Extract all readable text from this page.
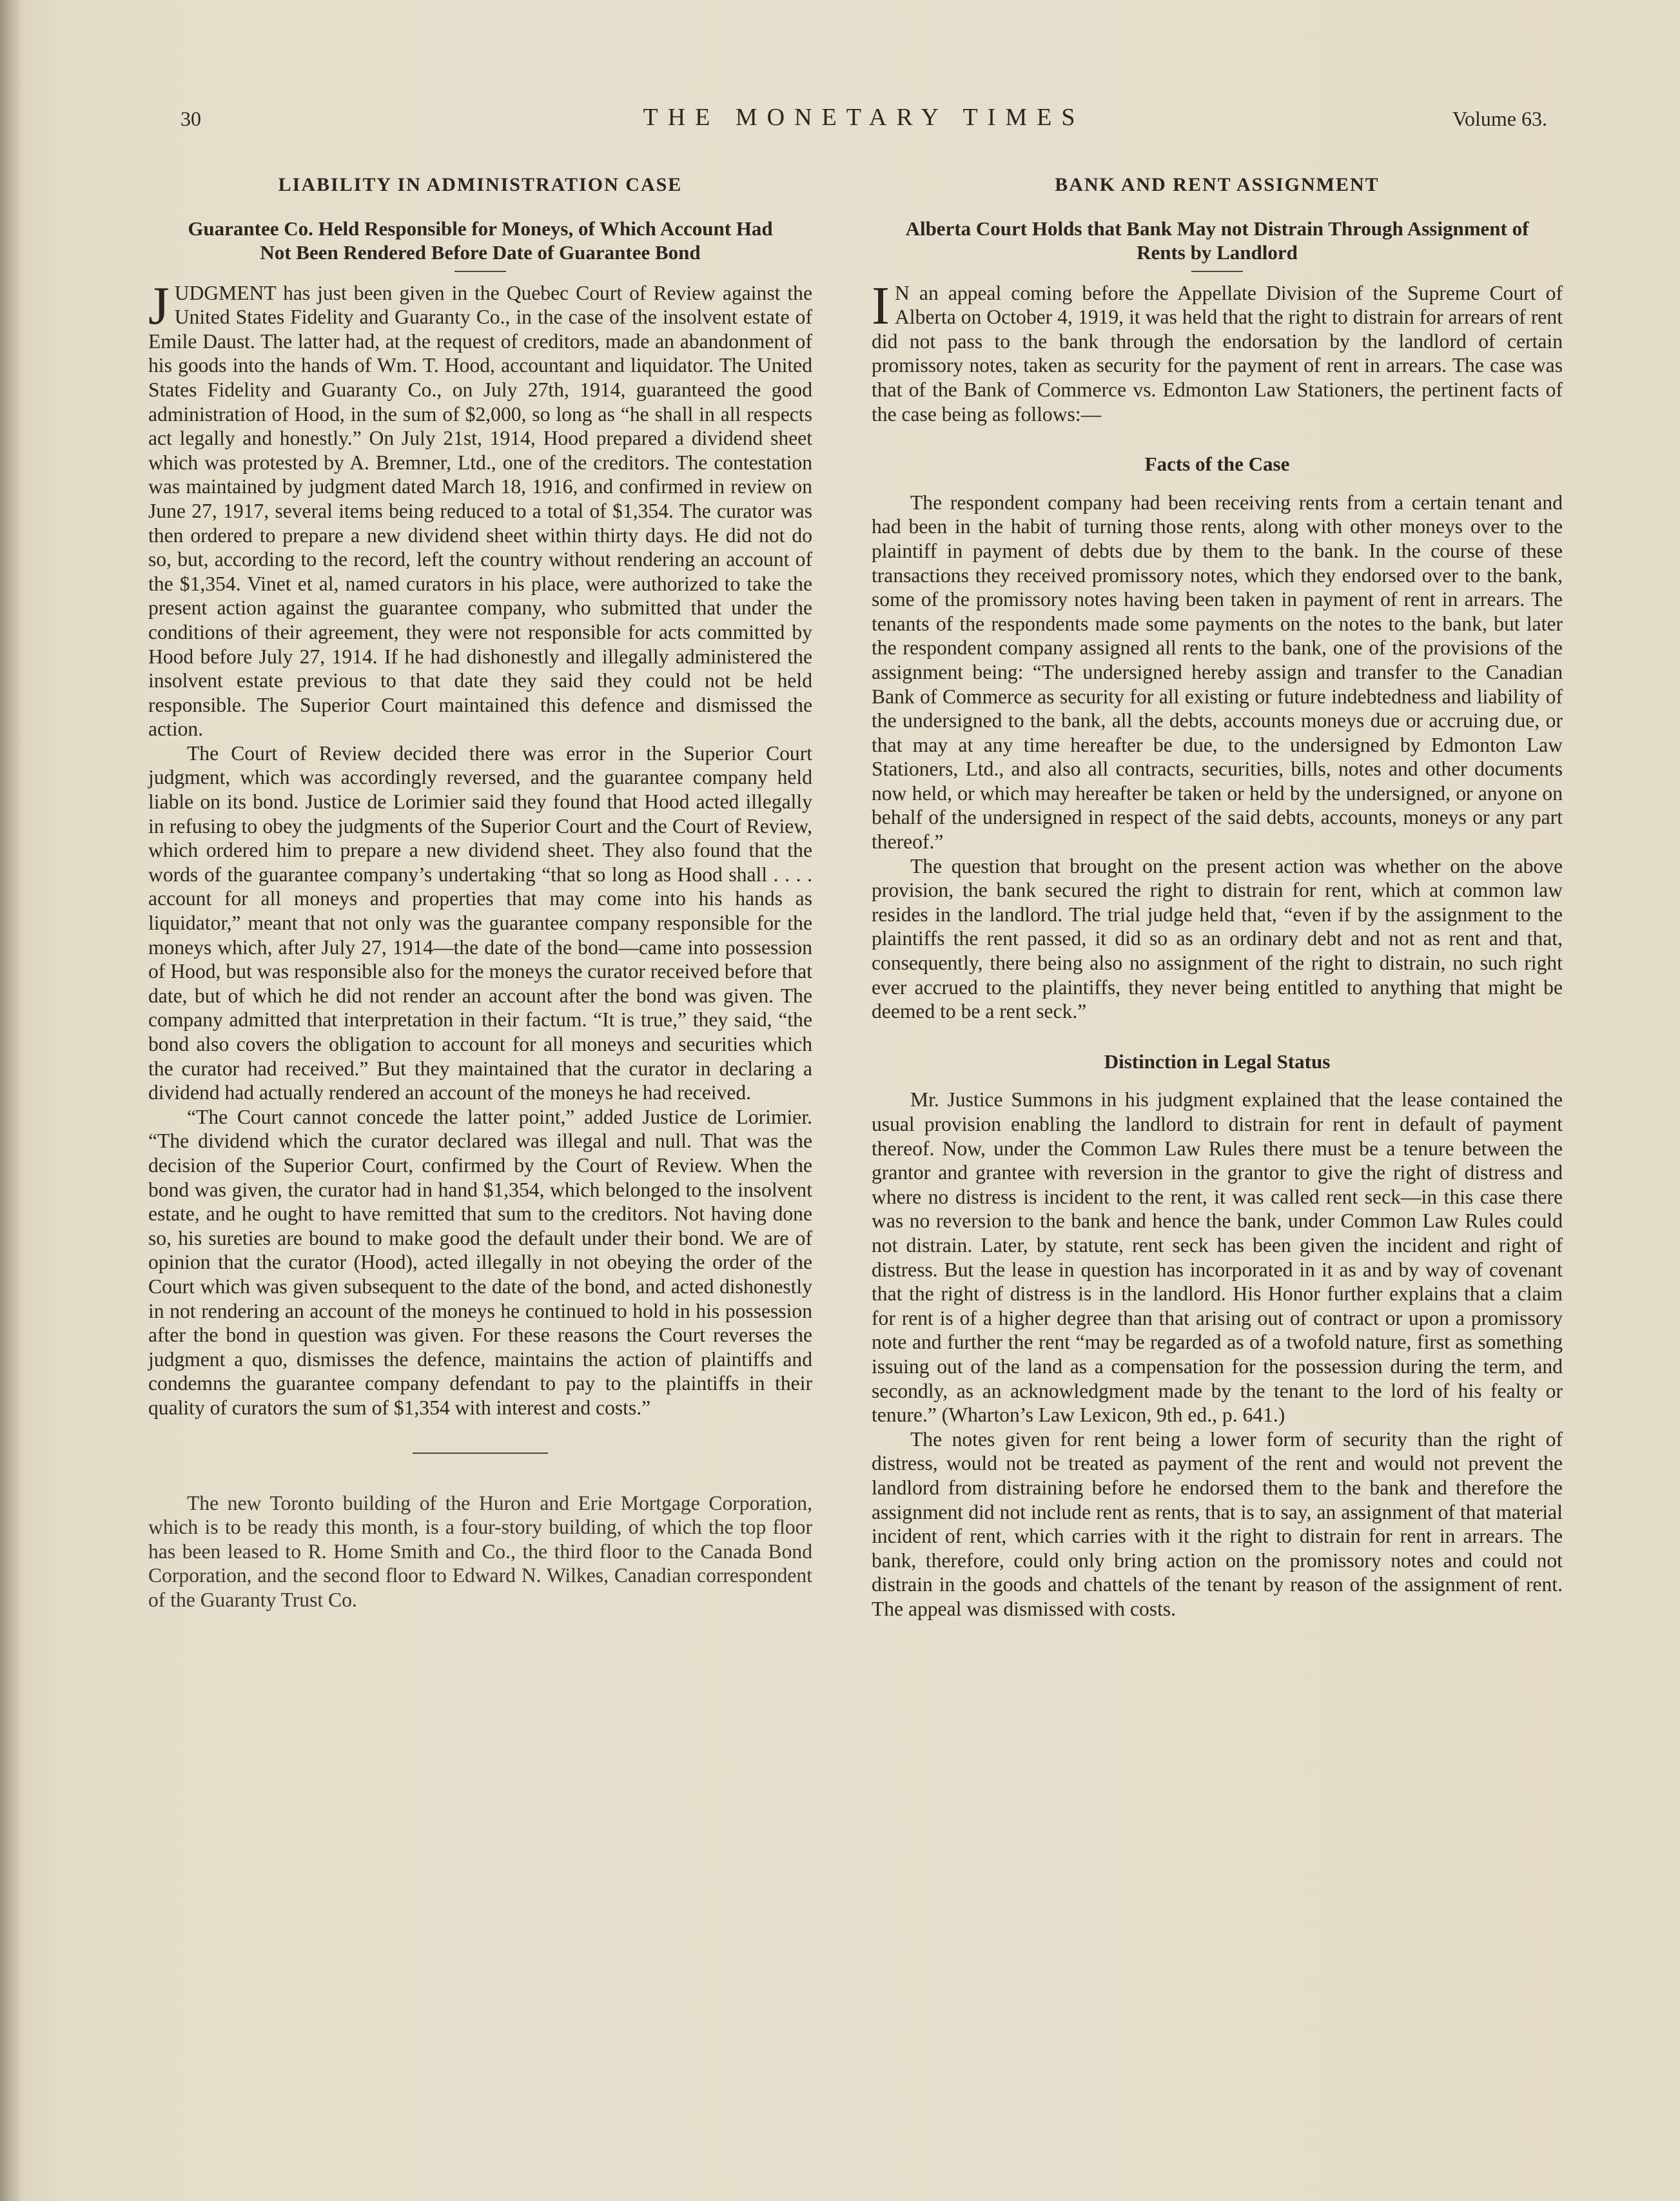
30	THE MONETARY TIMES	Volume 63.
LIABILITY IN ADMINISTRATION CASE
Guarantee Co. Held Responsible for Moneys, of Which Account Had Not Been Rendered Before Date of Guarantee Bond

JUDGMENT has just been given in the Quebec Court of Review against the United States Fidelity and Guaranty Co., in the case of the insolvent estate of Emile Daust. The latter had, at the request of creditors, made an abandonment of his goods into the hands of Wm. T. Hood, accountant and liquidator. The United States Fidelity and Guaranty Co., on July 27th, 1914, guaranteed the good administration of Hood, in the sum of $2,000, so long as “he shall in all respects act legally and honestly.” On July 21st, 1914, Hood prepared a dividend sheet which was protested by A. Bremner, Ltd., one of the creditors. The contestation was maintained by judgment dated March 18, 1916, and confirmed in review on June 27, 1917, several items being reduced to a total of $1,354. The curator was then ordered to prepare a new dividend sheet within thirty days. He did not do so, but, according to the record, left the country without rendering an account of the $1,354. Vinet et al, named curators in his place, were authorized to take the present action against the guarantee company, who submitted that under the conditions of their agreement, they were not responsible for acts committed by Hood before July 27, 1914. If he had dishonestly and illegally administered the insolvent estate previous to that date they said they could not be held responsible. The Superior Court maintained this defence and dismissed the action.

The Court of Review decided there was error in the Superior Court judgment, which was accordingly reversed, and the guarantee company held liable on its bond. Justice de Lorimier said they found that Hood acted illegally in refusing to obey the judgments of the Superior Court and the Court of Review, which ordered him to prepare a new dividend sheet. They also found that the words of the guarantee company’s undertaking “that so long as Hood shall . . . . account for all moneys and properties that may come into his hands as liquidator,” meant that not only was the guarantee company responsible for the moneys which, after July 27, 1914—the date of the bond—came into possession of Hood, but was responsible also for the moneys the curator received before that date, but of which he did not render an account after the bond was given. The company admitted that interpretation in their factum. “It is true,” they said, “the bond also covers the obligation to account for all moneys and securities which the curator had received.” But they maintained that the curator in declaring a dividend had actually rendered an account of the moneys he had received.

“The Court cannot concede the latter point,” added Justice de Lorimier. “The dividend which the curator declared was illegal and null. That was the decision of the Superior Court, confirmed by the Court of Review. When the bond was given, the curator had in hand $1,354, which belonged to the insolvent estate, and he ought to have remitted that sum to the creditors. Not having done so, his sureties are bound to make good the default under their bond. We are of opinion that the curator (Hood), acted illegally in not obeying the order of the Court which was given subsequent to the date of the bond, and acted dishonestly in not rendering an account of the moneys he continued to hold in his possession after the bond in question was given. For these reasons the Court reverses the judgment a quo, dismisses the defence, maintains the action of plaintiffs and condemns the guarantee company defendant to pay to the plaintiffs in their quality of curators the sum of $1,354 with interest and costs.”

The new Toronto building of the Huron and Erie Mortgage Corporation, which is to be ready this month, is a four-story building, of which the top floor has been leased to R. Home Smith and Co., the third floor to the Canada Bond Corporation, and the second floor to Edward N. Wilkes, Canadian correspondent of the Guaranty Trust Co.

BANK AND RENT ASSIGNMENT
Alberta Court Holds that Bank May not Distrain Through Assignment of Rents by Landlord

I N an appeal coming before the Appellate Division of the Supreme Court of Alberta on October 4, 1919, it was held that the right to distrain for arrears of rent did not pass to the bank through the endorsation by the landlord of certain promissory notes, taken as security for the payment of rent in arrears. The case was that of the Bank of Commerce vs. Edmonton Law Stationers, the pertinent facts of the case being as follows:—

Facts of the Case

The respondent company had been receiving rents from a certain tenant and had been in the habit of turning those rents, along with other moneys over to the plaintiff in payment of debts due by them to the bank. In the course of these transactions they received promissory notes, which they endorsed over to the bank, some of the promissory notes having been taken in payment of rent in arrears. The tenants of the respondents made some payments on the notes to the bank, but later the respondent company assigned all rents to the bank, one of the provisions of the assignment being: “The undersigned hereby assign and transfer to the Canadian Bank of Commerce as security for all existing or future indebtedness and liability of the undersigned to the bank, all the debts, accounts moneys due or accruing due, or that may at any time hereafter be due, to the undersigned by Edmonton Law Stationers, Ltd., and also all contracts, securities, bills, notes and other documents now held, or which may hereafter be taken or held by the undersigned, or anyone on behalf of the undersigned in respect of the said debts, accounts, moneys or any part thereof.”

The question that brought on the present action was whether on the above provision, the bank secured the right to distrain for rent, which at common law resides in the landlord. The trial judge held that, “even if by the assignment to the plaintiffs the rent passed, it did so as an ordinary debt and not as rent and that, consequently, there being also no assignment of the right to distrain, no such right ever accrued to the plaintiffs, they never being entitled to anything that might be deemed to be a rent seck.”

Distinction in Legal Status

Mr. Justice Summons in his judgment explained that the lease contained the usual provision enabling the landlord to distrain for rent in default of payment thereof. Now, under the Common Law Rules there must be a tenure between the grantor and grantee with reversion in the grantor to give the right of distress and where no distress is incident to the rent, it was called rent seck—in this case there was no reversion to the bank and hence the bank, under Common Law Rules could not distrain. Later, by statute, rent seck has been given the incident and right of distress. But the lease in question has incorporated in it as and by way of covenant that the right of distress is in the landlord. His Honor further explains that a claim for rent is of a higher degree than that arising out of contract or upon a promissory note and further the rent “may be regarded as of a twofold nature, first as something issuing out of the land as a compensation for the possession during the term, and secondly, as an acknowledgment made by the tenant to the lord of his fealty or tenure.” (Wharton’s Law Lexicon, 9th ed., p. 641.)

The notes given for rent being a lower form of security than the right of distress, would not be treated as payment of the rent and would not prevent the landlord from distraining before he endorsed them to the bank and therefore the assignment did not include rent as rents, that is to say, an assignment of that material incident of rent, which carries with it the right to distrain for rent in arrears. The bank, therefore, could only bring action on the promissory notes and could not distrain in the goods and chattels of the tenant by reason of the assignment of rent. The appeal was dismissed with costs.
